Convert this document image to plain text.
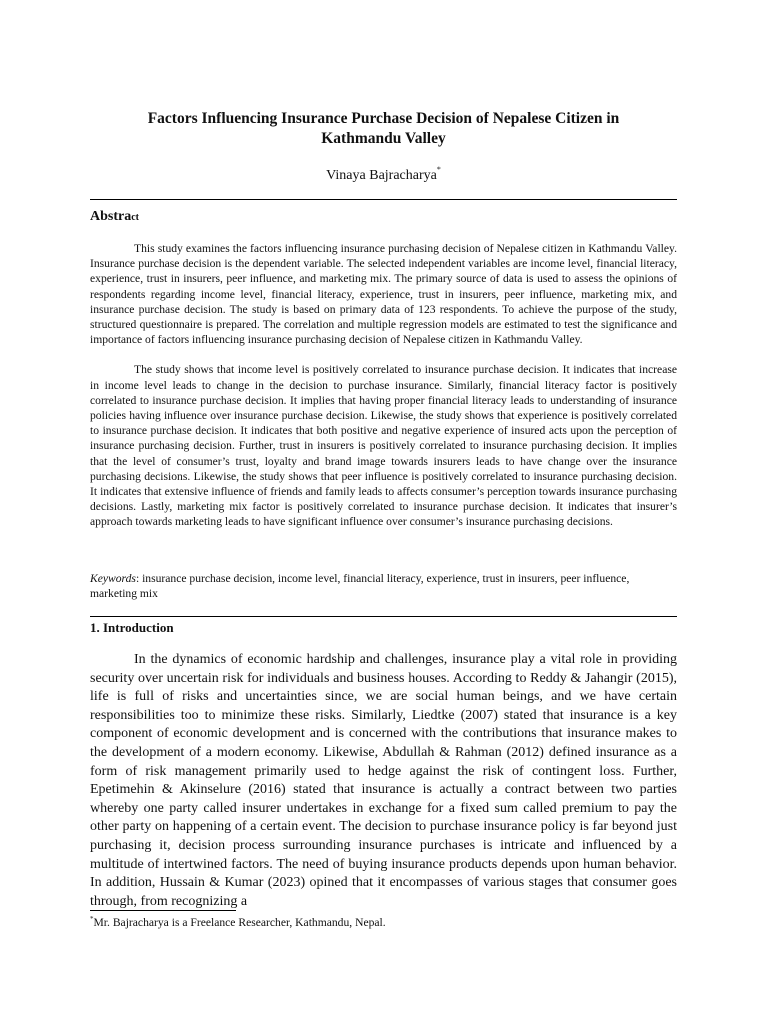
Factors Influencing Insurance Purchase Decision of Nepalese Citizen in
Kathmandu Valley
Vinaya Bajracharya*
Abstract

This study examines the factors influencing insurance purchasing decision of Nepalese citizen in Kathmandu Valley. Insurance purchase decision is the dependent variable. The selected independent variables are income level, financial literacy, experience, trust in insurers, peer influence, and marketing mix. The primary source of data is used to assess the opinions of respondents regarding income level, financial literacy, experience, trust in insurers, peer influence, marketing mix, and insurance purchase decision. The study is based on primary data of 123 respondents. To achieve the purpose of the study, structured questionnaire is prepared. The correlation and multiple regression models are estimated to test the significance and importance of factors influencing insurance purchasing decision of Nepalese citizen in Kathmandu Valley.

The study shows that income level is positively correlated to insurance purchase decision. It indicates that increase in income level leads to change in the decision to purchase insurance. Similarly, financial literacy factor is positively correlated to insurance purchase decision. It implies that having proper financial literacy leads to understanding of insurance policies having influence over insurance purchase decision. Likewise, the study shows that experience is positively correlated to insurance purchase decision. It indicates that both positive and negative experience of insured acts upon the perception of insurance purchasing decision. Further, trust in insurers is positively correlated to insurance purchasing decision. It implies that the level of consumer’s trust, loyalty and brand image towards insurers leads to have change over the insurance purchasing decisions. Likewise, the study shows that peer influence is positively correlated to insurance purchasing decision. It indicates that extensive influence of friends and family leads to affects consumer’s perception towards insurance purchasing decisions. Lastly, marketing mix factor is positively correlated to insurance purchase decision. It indicates that insurer’s approach towards marketing leads to have significant influence over consumer’s insurance purchasing decisions.

Keywords: insurance purchase decision, income level, financial literacy, experience, trust in insurers, peer influence, marketing mix
1. Introduction

In the dynamics of economic hardship and challenges, insurance play a vital role in providing security over uncertain risk for individuals and business houses. According to Reddy & Jahangir (2015), life is full of risks and uncertainties since, we are social human beings, and we have certain responsibilities too to minimize these risks. Similarly, Liedtke (2007) stated that insurance is a key component of economic development and is concerned with the contributions that insurance makes to the development of a modern economy. Likewise, Abdullah & Rahman (2012) defined insurance as a form of risk management primarily used to hedge against the risk of contingent loss. Further, Epetimehin & Akinselure (2016) stated that insurance is actually a contract between two parties whereby one party called insurer undertakes in exchange for a fixed sum called premium to pay the other party on happening of a certain event. The decision to purchase insurance policy is far beyond just purchasing it, decision process surrounding insurance purchases is intricate and influenced by a multitude of intertwined factors. The need of buying insurance products depends upon human behavior. In addition, Hussain & Kumar (2023) opined that it encompasses of various stages that consumer goes through, from recognizing a

*Mr. Bajracharya is a Freelance Researcher, Kathmandu, Nepal.
